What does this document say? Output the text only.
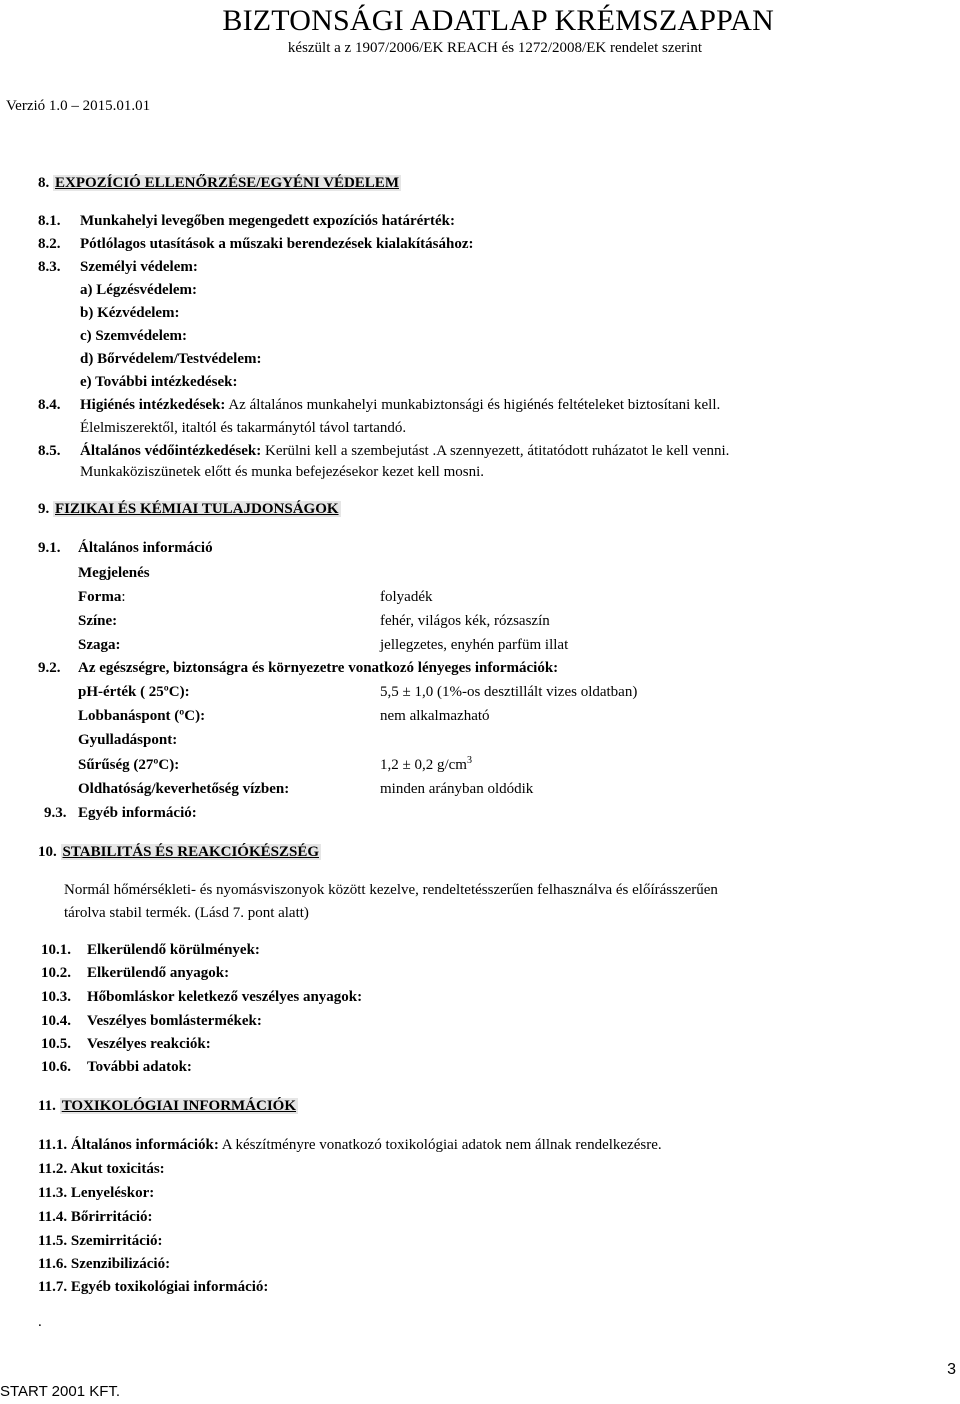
BIZTONSÁGI ADATLAP KRÉMSZAPPAN
készült a z 1907/2006/EK REACH és 1272/2008/EK rendelet szerint
Verzió 1.0 – 2015.01.01
8. EXPOZÍCIÓ ELLENŐRZÉSE/EGYÉNI VÉDELEM
8.1. Munkahelyi levegőben megengedett expozíciós határérték:
8.2. Pótlólagos utasítások a műszaki berendezések kialakításához:
8.3. Személyi védelem:
a) Légzésvédelem:
b) Kézvédelem:
c) Szemvédelem:
d) Bőrvédelem/Testvédelem:
e) További intézkedések:
8.4. Higiénés intézkedések: Az általános munkahelyi munkabiztonsági és higiénés feltételeket biztosítani kell.
Élelmiszerektől, italtól és takarmánytól távol tartandó.
8.5. Általános védőintézkedések: Kerülni kell a szembejutást .A szennyezett, átitatódott ruházatot le kell venni.
Munkaköziszünetek előtt és munka befejezésekor kezet kell mosni.
9. FIZIKAI ÉS KÉMIAI TULAJDONSÁGOK
9.1. Általános információ
Megjelenés
Forma:	folyadék
Színe:	fehér, világos kék, rózsaszín
Szaga:	jellegzetes, enyhén parfüm illat
9.2. Az egészségre, biztonságra és környezetre vonatkozó lényeges információk:
pH-érték ( 25ºC):	5,5 ± 1,0 (1%-os desztillált vizes oldatban)
Lobbanáspont (ºC):	nem alkalmazható
Gyulladáspont:
Sűrűség (27ºC):	1,2 ± 0,2 $g/cm^3$
Oldhatóság/keverhetőség vízben:	minden arányban oldódik
9.3. Egyéb információ:
10. STABILITÁS ÉS REAKCIÓKÉSZSÉG
Normál hőmérsékleti- és nyomásviszonyok között kezelve, rendeltetésszerűen felhasználva és előírásszerűen
tárolva stabil termék. (Lásd 7. pont alatt)
10.1. Elkerülendő körülmények:
10.2. Elkerülendő anyagok:
10.3. Hőbomláskor keletkező veszélyes anyagok:
10.4. Veszélyes bomlástermékek:
10.5. Veszélyes reakciók:
10.6. További adatok:
11. TOXIKOLÓGIAI INFORMÁCIÓK
11.1. Általános információk: A készítményre vonatkozó toxikológiai adatok nem állnak rendelkezésre.
11.2. Akut toxicitás:
11.3. Lenyeléskor:
11.4. Bőrirritáció:
11.5. Szemirritáció:
11.6. Szenzibilizáció:
11.7. Egyéb toxikológiai információ:
.
3
START 2001 KFT.
